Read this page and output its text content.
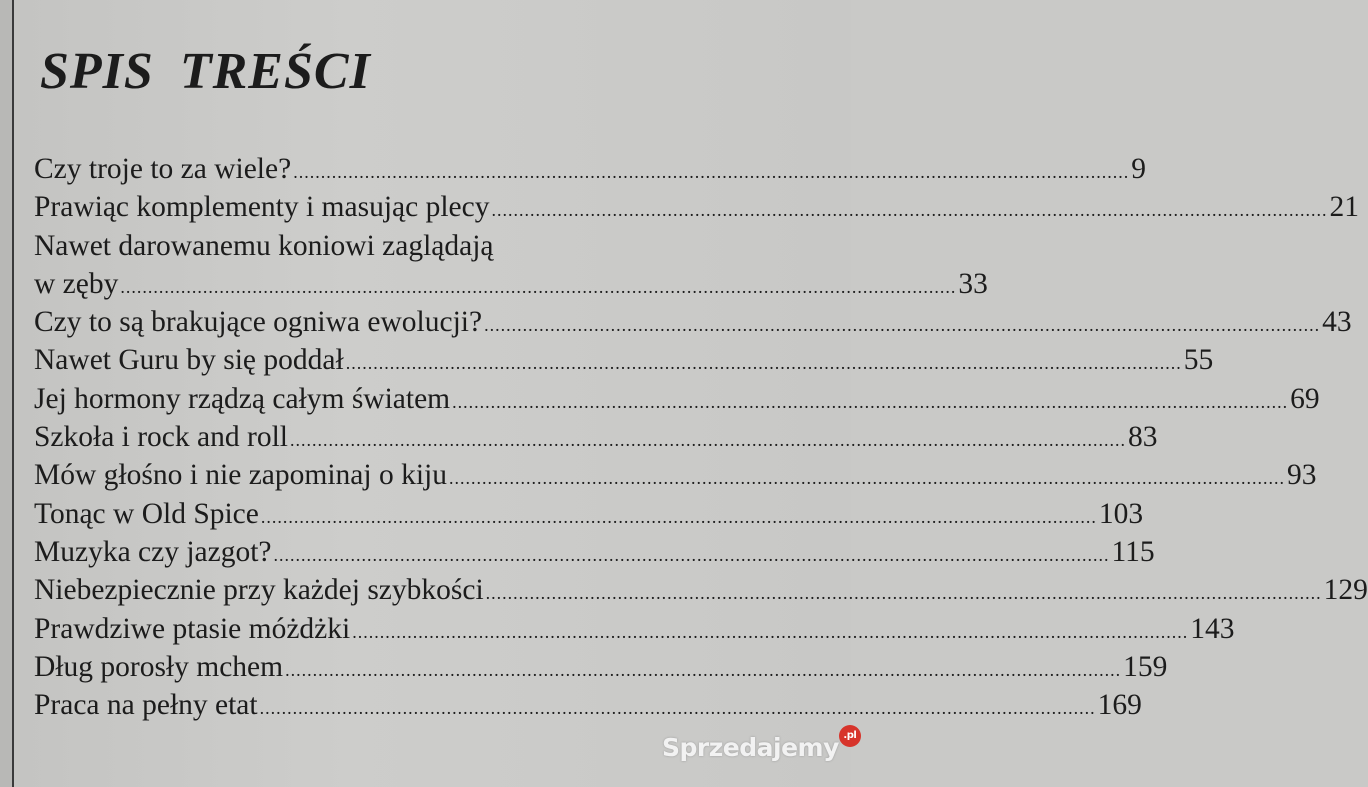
SPIS TREŚCI
Czy troje to za wiele? .....	9
Prawiąc komplementy i masując plecy .....	21
Nawet darowanemu koniowi zaglądają
w zęby .....	33
Czy to są brakujące ogniwa ewolucji? .....	43
Nawet Guru by się poddał .....	55
Jej hormony rządzą całym światem .....	69
Szkoła i rock and roll .....	83
Mów głośno i nie zapominaj o kiju .....	93
Tonąc w Old Spice .....	103
Muzyka czy jazgot? .....	115
Niebezpiecznie przy każdej szybkości .....	129
Prawdziwe ptasie móżdżki .....	143
Dług porosły mchem .....	159
Praca na pełny etat .....	169
Sprzedajemy .pl
